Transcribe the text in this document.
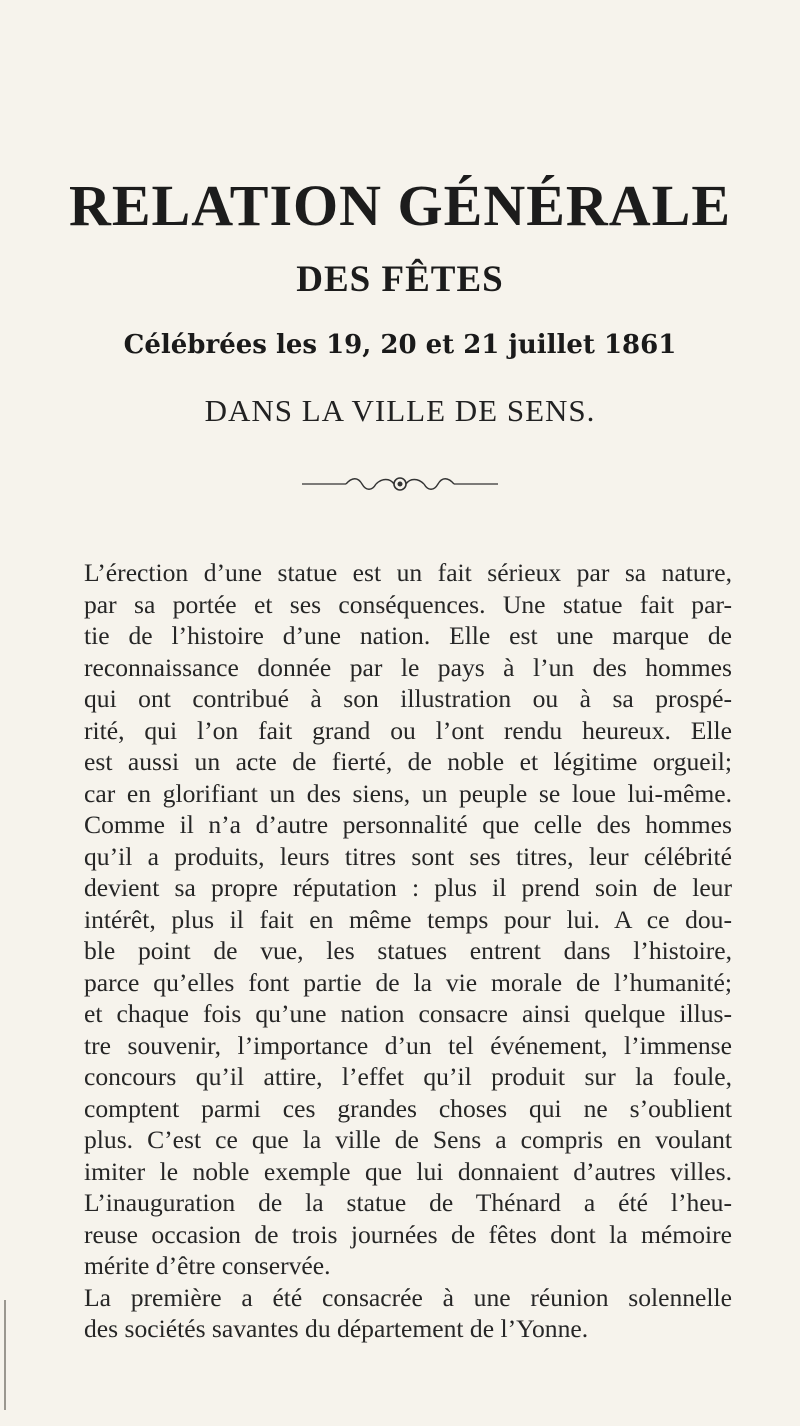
RELATION GÉNÉRALE
DES FÊTES
Célébrées les 19, 20 et 21 juillet 1861
DANS LA VILLE DE SENS.
L’érection d’une statue est un fait sérieux par sa nature,
par sa portée et ses conséquences. Une statue fait par-
tie de l’histoire d’une nation. Elle est une marque de
reconnaissance donnée par le pays à l’un des hommes
qui ont contribué à son illustration ou à sa prospé-
rité, qui l’on fait grand ou l’ont rendu heureux. Elle
est aussi un acte de fierté, de noble et légitime orgueil;
car en glorifiant un des siens, un peuple se loue lui-même.
Comme il n’a d’autre personnalité que celle des hommes
qu’il a produits, leurs titres sont ses titres, leur célébrité
devient sa propre réputation : plus il prend soin de leur
intérêt, plus il fait en même temps pour lui. A ce dou-
ble point de vue, les statues entrent dans l’histoire,
parce qu’elles font partie de la vie morale de l’humanité;
et chaque fois qu’une nation consacre ainsi quelque illus-
tre souvenir, l’importance d’un tel événement, l’immense
concours qu’il attire, l’effet qu’il produit sur la foule,
comptent parmi ces grandes choses qui ne s’oublient
plus. C’est ce que la ville de Sens a compris en voulant
imiter le noble exemple que lui donnaient d’autres villes.
L’inauguration de la statue de Thénard a été l’heu-
reuse occasion de trois journées de fêtes dont la mémoire
mérite d’être conservée.
La première a été consacrée à une réunion solennelle
des sociétés savantes du département de l’Yonne.
